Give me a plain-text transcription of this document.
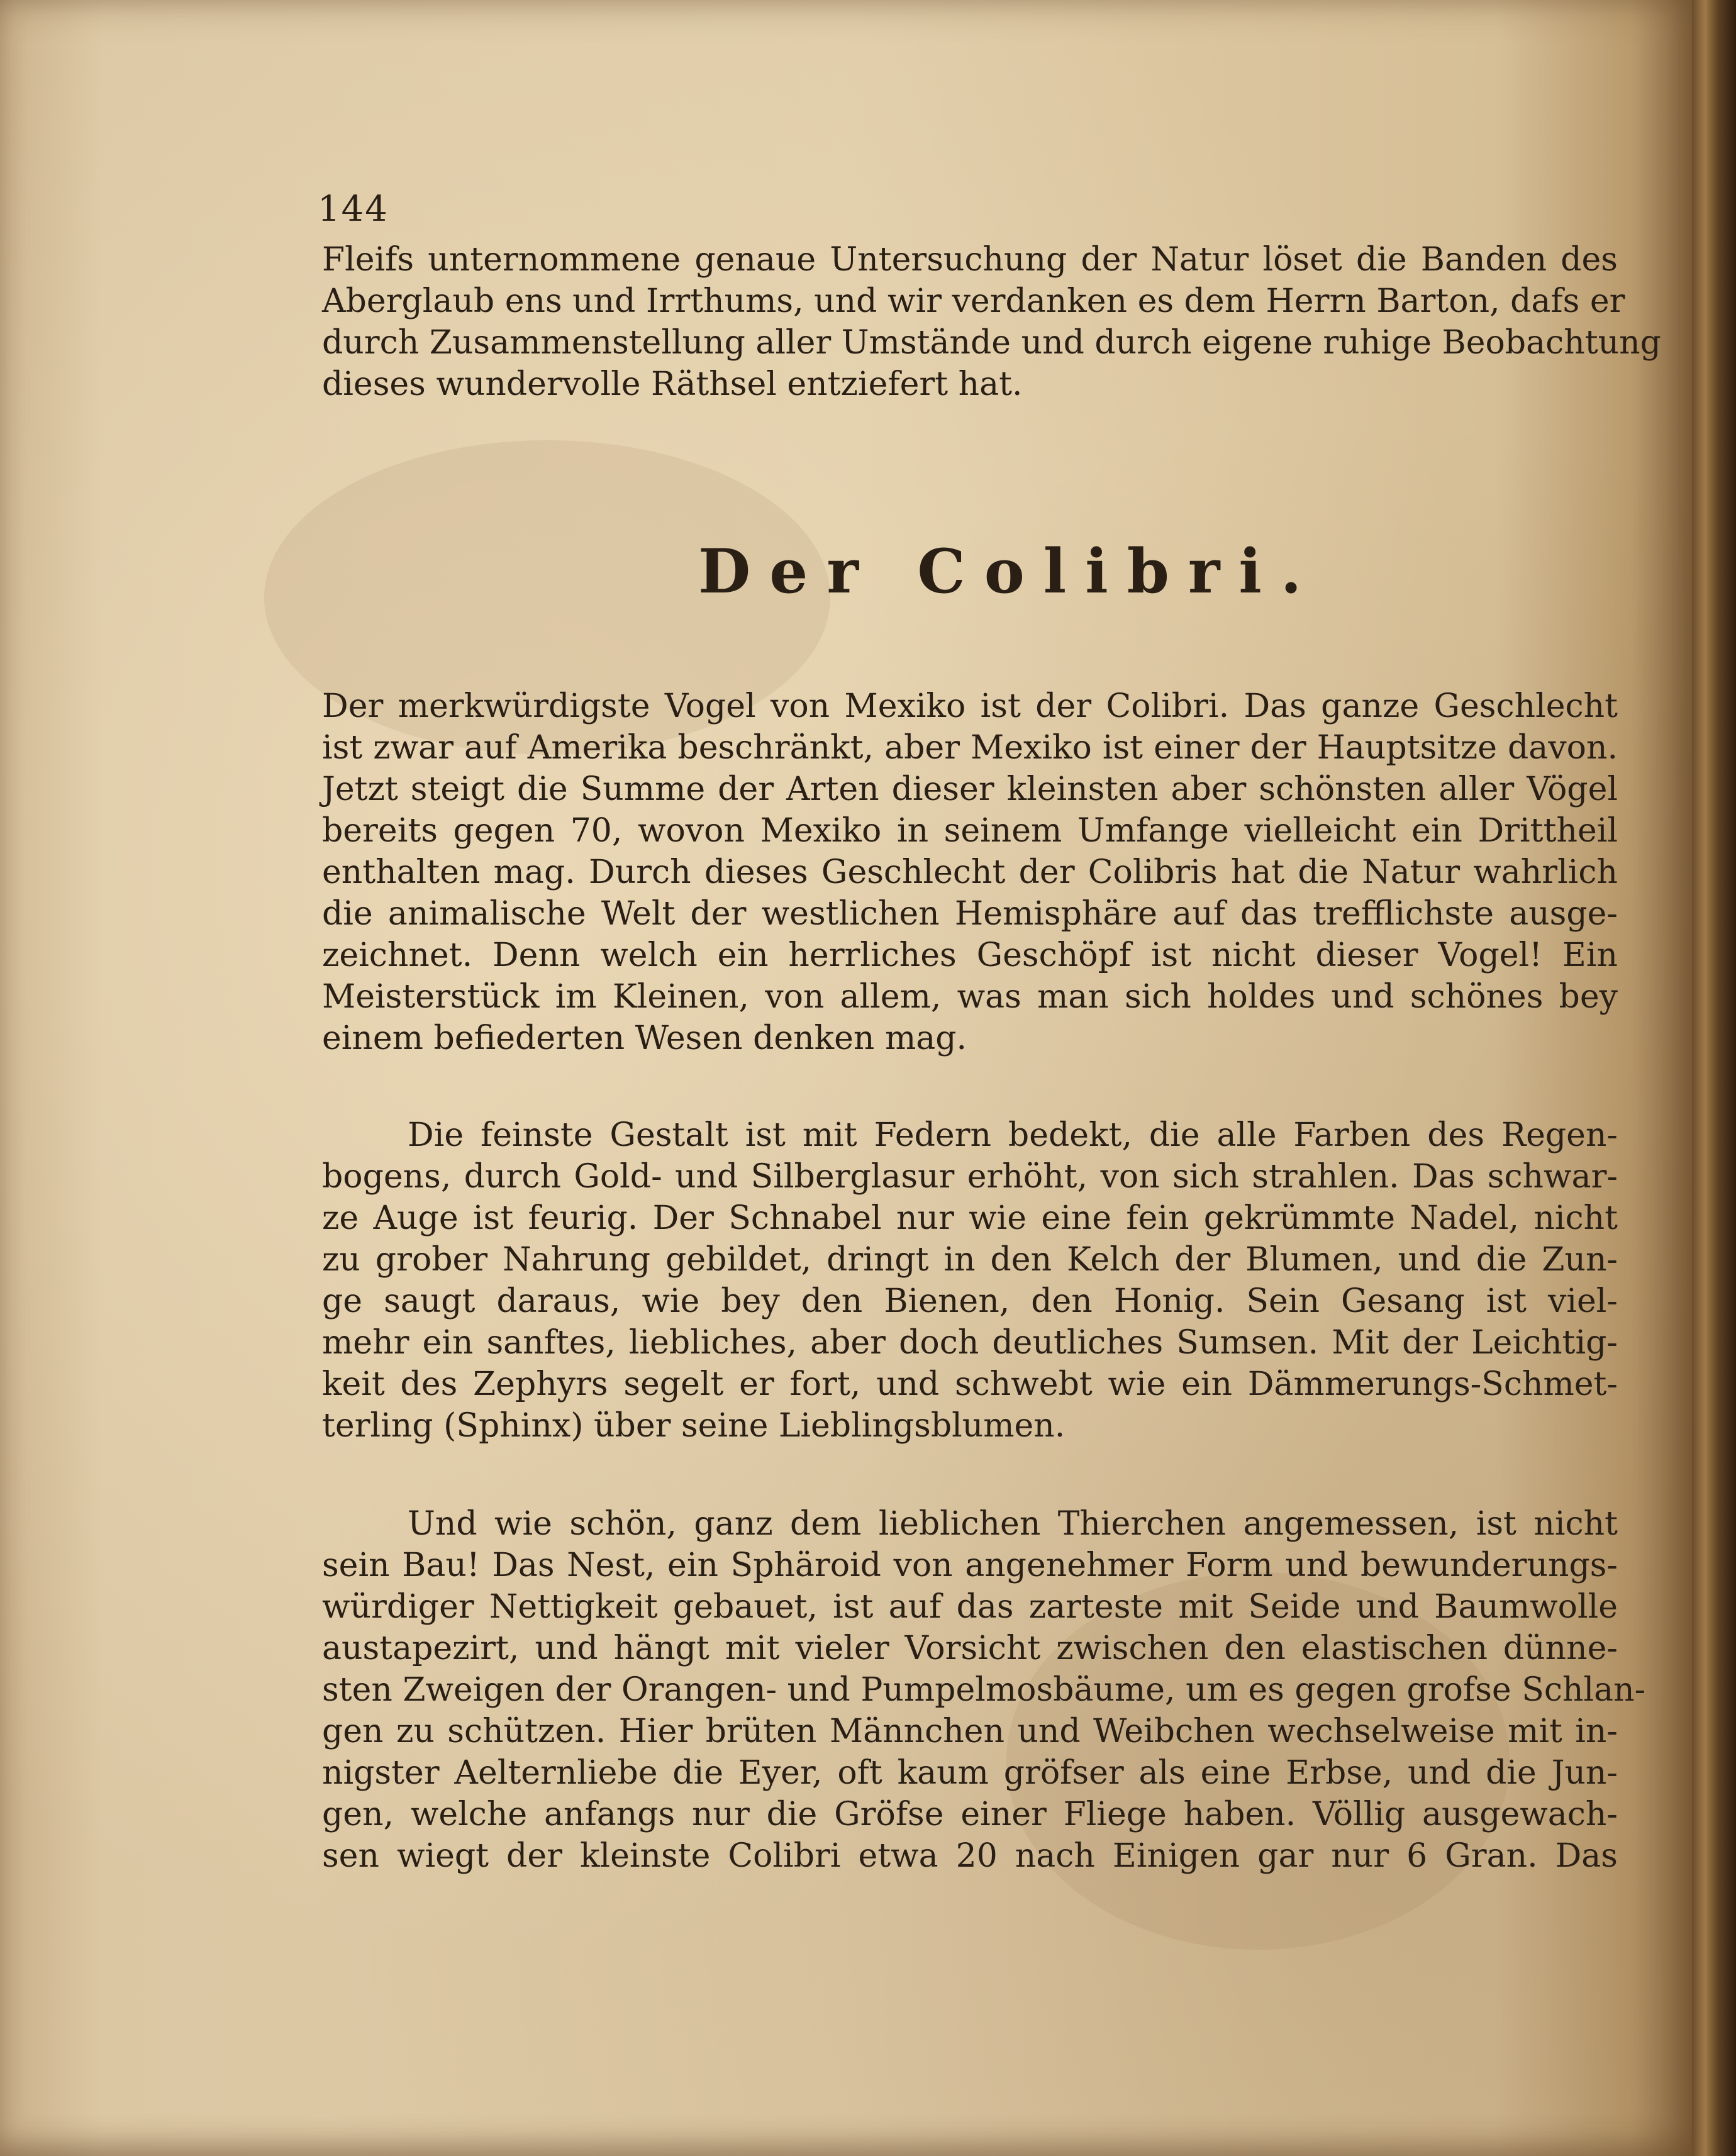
144
Fleifs unternommene genaue Untersuchung der Natur löset die Banden des
Aberglaub ens und Irrthums, und wir verdanken es dem Herrn Barton, dafs er
durch Zusammenstellung aller Umstände und durch eigene ruhige Beobachtung
dieses wundervolle Räthsel entziefert hat.
Der Colibri.
Der merkwürdigste Vogel von Mexiko ist der Colibri. Das ganze Geschlecht
ist zwar auf Amerika beschränkt, aber Mexiko ist einer der Hauptsitze davon.
Jetzt steigt die Summe der Arten dieser kleinsten aber schönsten aller Vögel
bereits gegen 70, wovon Mexiko in seinem Umfange vielleicht ein Drittheil
enthalten mag. Durch dieses Geschlecht der Colibris hat die Natur wahrlich
die animalische Welt der westlichen Hemisphäre auf das trefflichste ausge-
zeichnet. Denn welch ein herrliches Geschöpf ist nicht dieser Vogel! Ein
Meisterstück im Kleinen, von allem, was man sich holdes und schönes bey
einem befiederten Wesen denken mag.
Die feinste Gestalt ist mit Federn bedekt, die alle Farben des Regen-
bogens, durch Gold- und Silberglasur erhöht, von sich strahlen. Das schwar-
ze Auge ist feurig. Der Schnabel nur wie eine fein gekrümmte Nadel, nicht
zu grober Nahrung gebildet, dringt in den Kelch der Blumen, und die Zun-
ge saugt daraus, wie bey den Bienen, den Honig. Sein Gesang ist viel-
mehr ein sanftes, liebliches, aber doch deutliches Sumsen. Mit der Leichtig-
keit des Zephyrs segelt er fort, und schwebt wie ein Dämmerungs-Schmet-
terling (Sphinx) über seine Lieblingsblumen.
Und wie schön, ganz dem lieblichen Thierchen angemessen, ist nicht
sein Bau! Das Nest, ein Sphäroid von angenehmer Form und bewunderungs-
würdiger Nettigkeit gebauet, ist auf das zarteste mit Seide und Baumwolle
austapezirt, und hängt mit vieler Vorsicht zwischen den elastischen dünne-
sten Zweigen der Orangen- und Pumpelmosbäume, um es gegen grofse Schlan-
gen zu schützen. Hier brüten Männchen und Weibchen wechselweise mit in-
nigster Aelternliebe die Eyer, oft kaum gröfser als eine Erbse, und die Jun-
gen, welche anfangs nur die Gröfse einer Fliege haben. Völlig ausgewach-
sen wiegt der kleinste Colibri etwa 20 nach Einigen gar nur 6 Gran. Das
